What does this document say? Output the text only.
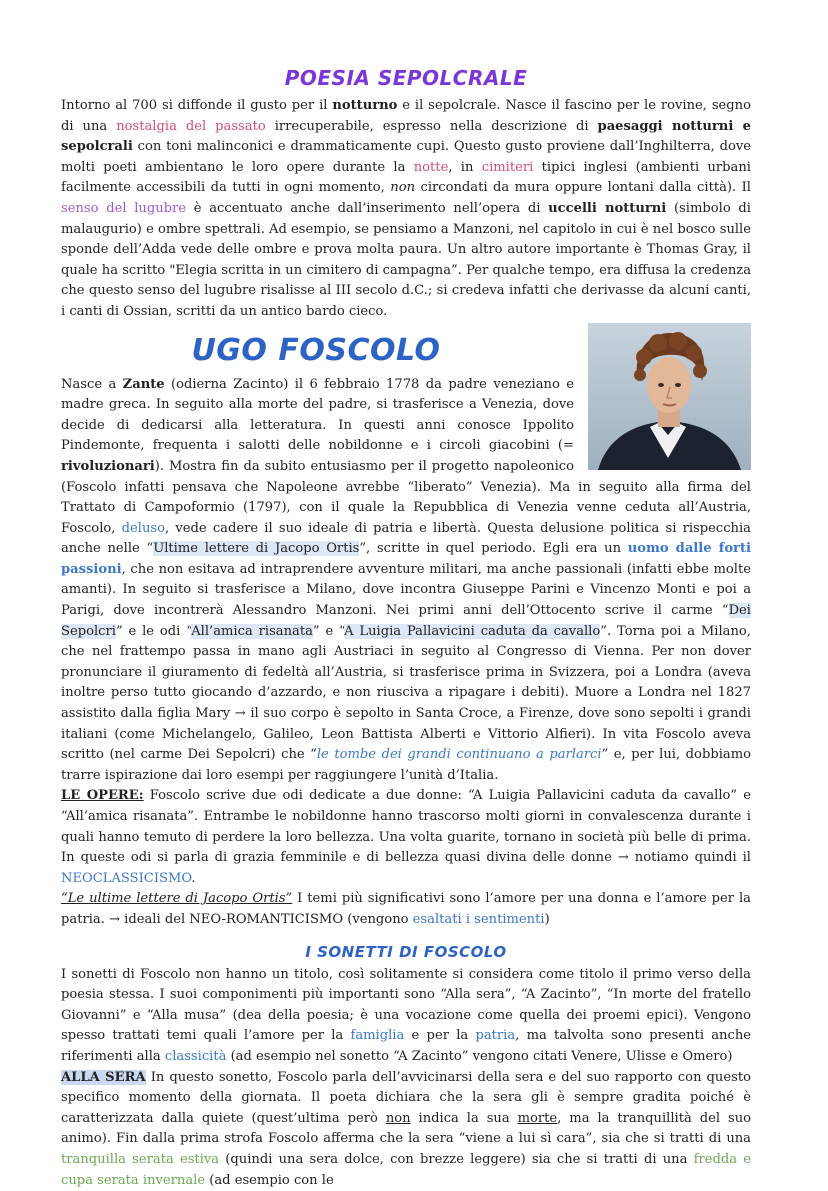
POESIA SEPOLCRALE

Intorno al 700 si diffonde il gusto per il notturno e il sepolcrale. Nasce il fascino per le rovine, segno di una nostalgia del passato irrecuperabile, espresso nella descrizione di paesaggi notturni e sepolcrali con toni malinconici e drammaticamente cupi. Questo gusto proviene dall’Inghilterra, dove molti poeti ambientano le loro opere durante la notte, in cimiteri tipici inglesi (ambienti urbani facilmente accessibili da tutti in ogni momento, non circondati da mura oppure lontani dalla città). Il senso del lugubre è accentuato anche dall’inserimento nell’opera di uccelli notturni (simbolo di malaugurio) e ombre spettrali. Ad esempio, se pensiamo a Manzoni, nel capitolo in cui è nel bosco sulle sponde dell’Adda vede delle ombre e prova molta paura. Un altro autore importante è Thomas Gray, il quale ha scritto "Elegia scritta in un cimitero di campagna”. Per qualche tempo, era diffusa la credenza che questo senso del lugubre risalisse al III secolo d.C.; si credeva infatti che derivasse da alcuni canti, i canti di Ossian, scritti da un antico bardo cieco.

UGO FOSCOLO

Nasce a Zante (odierna Zacinto) il 6 febbraio 1778 da padre veneziano e madre greca. In seguito alla morte del padre, si trasferisce a Venezia, dove decide di dedicarsi alla letteratura. In questi anni conosce Ippolito Pindemonte, frequenta i salotti delle nobildonne e i circoli giacobini (= rivoluzionari). Mostra fin da subito entusiasmo per il progetto napoleonico (Foscolo infatti pensava che Napoleone avrebbe “liberato” Venezia). Ma in seguito alla firma del Trattato di Campoformio (1797), con il quale la Repubblica di Venezia venne ceduta all’Austria, Foscolo, deluso, vede cadere il suo ideale di patria e libertà. Questa delusione politica si rispecchia anche nelle “Ultime lettere di Jacopo Ortis”, scritte in quel periodo. Egli era un uomo dalle forti passioni, che non esitava ad intraprendere avventure militari, ma anche passionali (infatti ebbe molte amanti). In seguito si trasferisce a Milano, dove incontra Giuseppe Parini e Vincenzo Monti e poi a Parigi, dove incontrerà Alessandro Manzoni. Nei primi anni dell’Ottocento scrive il carme “Dei Sepolcri” e le odi “All’amica risanata” e “A Luigia Pallavicini caduta da cavallo”. Torna poi a Milano, che nel frattempo passa in mano agli Austriaci in seguito al Congresso di Vienna. Per non dover pronunciare il giuramento di fedeltà all’Austria, si trasferisce prima in Svizzera, poi a Londra (aveva inoltre perso tutto giocando d’azzardo, e non riusciva a ripagare i debiti). Muore a Londra nel 1827 assistito dalla figlia Mary → il suo corpo è sepolto in Santa Croce, a Firenze, dove sono sepolti i grandi italiani (come Michelangelo, Galileo, Leon Battista Alberti e Vittorio Alfieri). In vita Foscolo aveva scritto (nel carme Dei Sepolcri) che “le tombe dei grandi continuano a parlarci” e, per lui, dobbiamo trarre ispirazione dai loro esempi per raggiungere l’unità d’Italia.

LE OPERE: Foscolo scrive due odi dedicate a due donne: “A Luigia Pallavicini caduta da cavallo” e “All’amica risanata”. Entrambe le nobildonne hanno trascorso molti giorni in convalescenza durante i quali hanno temuto di perdere la loro bellezza. Una volta guarite, tornano in società più belle di prima. In queste odi si parla di grazia femminile e di bellezza quasi divina delle donne → notiamo quindi il NEOCLASSICISMO.

“Le ultime lettere di Jacopo Ortis” I temi più significativi sono l’amore per una donna e l’amore per la patria. → ideali del NEO-ROMANTICISMO (vengono esaltati i sentimenti)

I SONETTI DI FOSCOLO

I sonetti di Foscolo non hanno un titolo, così solitamente si considera come titolo il primo verso della poesia stessa. I suoi componimenti più importanti sono “Alla sera”, “A Zacinto”, “In morte del fratello Giovanni” e “Alla musa” (dea della poesia; è una vocazione come quella dei proemi epici). Vengono spesso trattati temi quali l’amore per la famiglia e per la patria, ma talvolta sono presenti anche riferimenti alla classicità (ad esempio nel sonetto “A Zacinto” vengono citati Venere, Ulisse e Omero)

ALLA SERA In questo sonetto, Foscolo parla dell’avvicinarsi della sera e del suo rapporto con questo specifico momento della giornata. Il poeta dichiara che la sera gli è sempre gradita poiché è caratterizzata dalla quiete (quest’ultima però non indica la sua morte, ma la tranquillità del suo animo). Fin dalla prima strofa Foscolo afferma che la sera “viene a lui sì cara”, sia che si tratti di una tranquilla serata estiva (quindi una sera dolce, con brezze leggere) sia che si tratti di una fredda e cupa serata invernale (ad esempio con le
